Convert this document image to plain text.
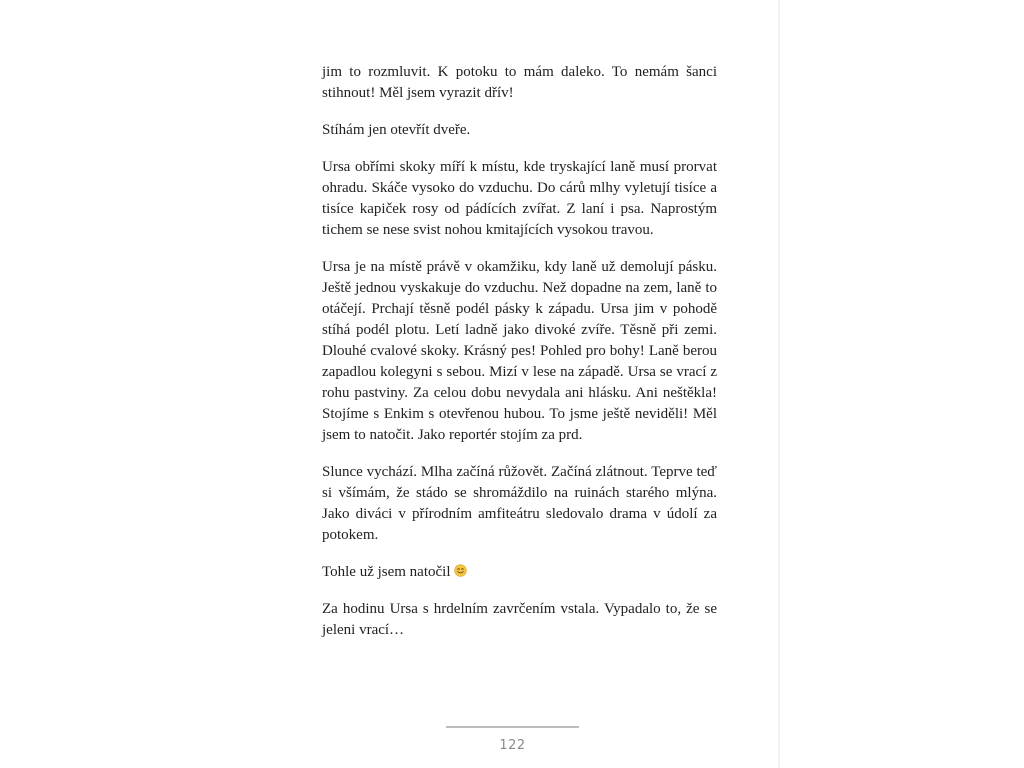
jim to rozmluvit. K potoku to mám daleko. To nemám šanci stihnout! Měl jsem vyrazit dřív!

Stíhám jen otevřít dveře.

Ursa obřími skoky míří k místu, kde tryskající laně musí prorvat ohradu. Skáče vysoko do vzduchu. Do cárů mlhy vyletují tisíce a tisíce kapiček rosy od pádících zvířat. Z laní i psa. Naprostým tichem se nese svist nohou kmitajících vysokou travou.

Ursa je na místě právě v okamžiku, kdy laně už demolují pásku. Ještě jednou vyskakuje do vzduchu. Než dopadne na zem, laně to otáčejí. Prchají těsně podél pásky k západu. Ursa jim v pohodě stíhá podél plotu. Letí ladně jako divoké zvíře. Těsně při zemi. Dlouhé cvalové skoky. Krásný pes! Pohled pro bohy! Laně berou zapadlou kolegyni s sebou. Mizí v lese na západě. Ursa se vrací z rohu pastviny. Za celou dobu nevydala ani hlásku. Ani neštěkla! Stojíme s Enkim s otevřenou hubou. To jsme ještě neviděli! Měl jsem to natočit. Jako reportér stojím za prd.

Slunce vychází. Mlha začíná růžovět. Začíná zlátnout. Teprve teď si všímám, že stádo se shromáždilo na ruinách starého mlýna. Jako diváci v přírodním amfiteátru sledovalo drama v údolí za potokem.

Tohle už jsem natočil

Za hodinu Ursa s hrdelním zavrčením vstala. Vypadalo to, že se jeleni vrací…

122
